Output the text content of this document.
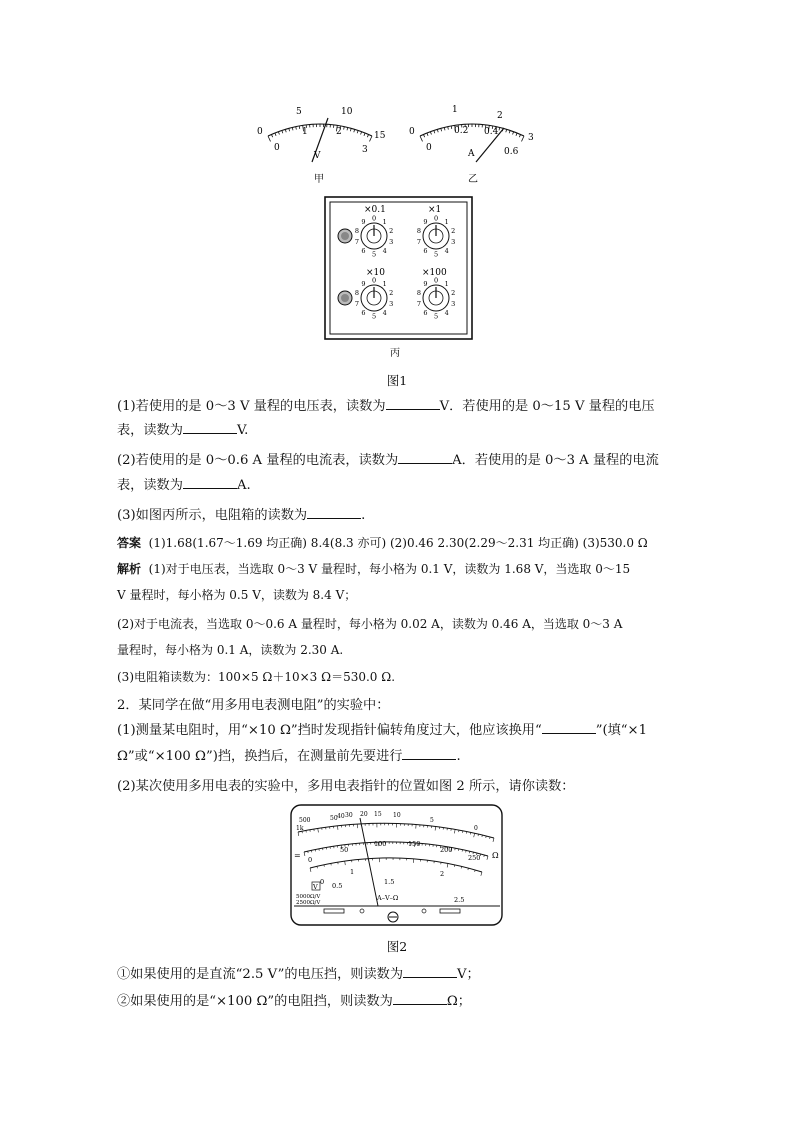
0
5	10
15
0
1	2
3
V
甲
0
1
2
3
0
0.2 0.4
0.6
A
乙
×0.1	×1
×10	×100
0 1
2
3
4
5
6
7
8
9	0 1
2
3
4
5
6
7
8
9
0 1
2
3
4
5
6
7
8
9	0 1
2
3
4
5
6
7
8
9
丙
图1
(1)若使用的是 0～3 V 量程的电压表，读数为	V．若使用的是 0～15 V 量程的电压
表，读数为	V.
(2)若使用的是 0～0.6 A 量程的电流表，读数为	A．若使用的是 0～3 A 量程的电流
表，读数为	A.
(3)如图丙所示，电阻箱的读数为	.
答案 (1)1.68(1.67～1.69 均正确) 8.4(8.3 亦可) (2)0.46 2.30(2.29～2.31 均正确) (3)530.0 Ω
解析 (1)对于电压表，当选取 0～3 V 量程时，每小格为 0.1 V，读数为 1.68 V，当选取 0～15
V 量程时，每小格为 0.5 V，读数为 8.4 V；
(2)对于电流表，当选取 0～0.6 A 量程时，每小格为 0.02 A，读数为 0.46 A，当选取 0～3 A
量程时，每小格为 0.1 A，读数为 2.30 A.
(3)电阻箱读数为：100×5 Ω＋10×3 Ω＝530.0 Ω.
2．某同学在做“用多用电表测电阻”的实验中：
(1)测量某电阻时，用“×10 Ω”挡时发现指针偏转角度过大，他应该换用“	”(填“×1
Ω”或“×100 Ω”)挡，换挡后，在测量前先要进行	.
(2)某次使用多用电表的实验中，多用电表指针的位置如图 2 所示，请你读数：
500
1k
50 40 30 20 15 10
5
0
Ω
0
50
100	150
200
250
0 0.5
1
1.5
2
2.5
V
5000Ω/V
2500Ω/V
=
A–V–Ω
图2
①如果使用的是直流“2.5 V”的电压挡，则读数为	V；
②如果使用的是“×100 Ω”的电阻挡，则读数为	Ω；
